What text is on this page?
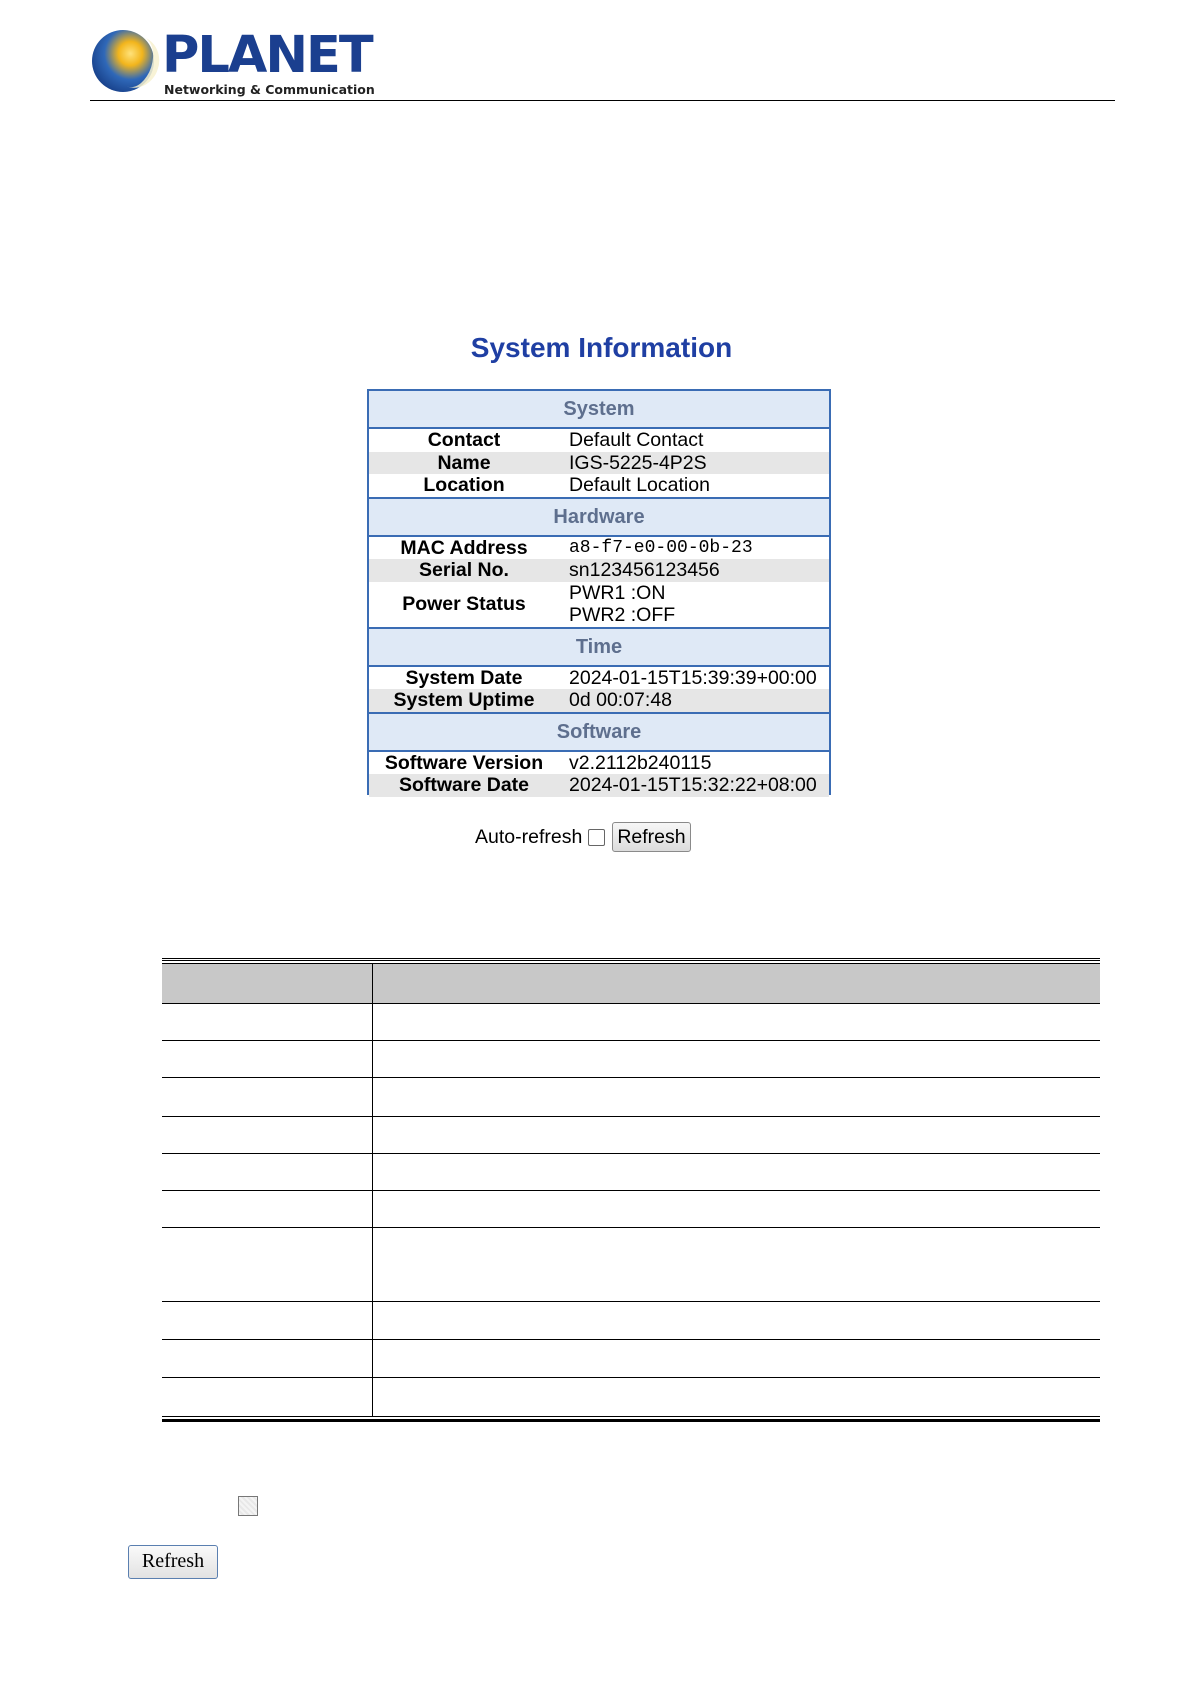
PLANET
Networking & Communication
System Information
System
Contact	Default Contact
Name	IGS-5225-4P2S
Location	Default Location
Hardware
MAC Address	a8-f7-e0-00-0b-23
Serial No.	sn123456123456
Power Status	PWR1 :ON
PWR2 :OFF
Time
System Date	2024-01-15T15:39:39+00:00
System Uptime	0d 00:07:48
Software
Software Version	v2.2112b240115
Software Date	2024-01-15T15:32:22+08:00
Auto-refresh Refresh
Refresh
